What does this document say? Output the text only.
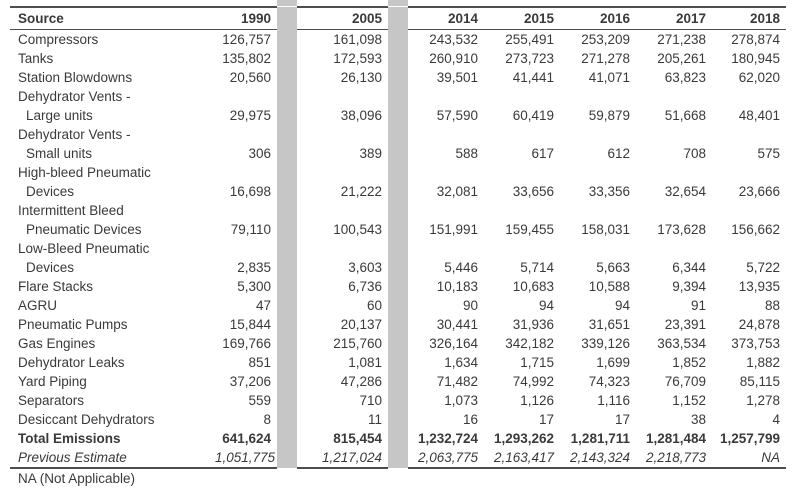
Source	1990		2005		2014	2015	2016	2017	2018
Compressors	126,757		161,098		243,532	255,491	253,209	271,238	278,874
Tanks	135,802		172,593		260,910	273,723	271,278	205,261	180,945
Station Blowdowns	20,560		26,130		39,501	41,441	41,071	63,823	62,020
Dehydrator Vents -									
Large units	29,975		38,096		57,590	60,419	59,879	51,668	48,401
Dehydrator Vents -									
Small units	306		389		588	617	612	708	575
High-bleed Pneumatic									
Devices	16,698		21,222		32,081	33,656	33,356	32,654	23,666
Intermittent Bleed									
Pneumatic Devices	79,110		100,543		151,991	159,455	158,031	173,628	156,662
Low-Bleed Pneumatic									
Devices	2,835		3,603		5,446	5,714	5,663	6,344	5,722
Flare Stacks	5,300		6,736		10,183	10,683	10,588	9,394	13,935
AGRU	47		60		90	94	94	91	88
Pneumatic Pumps	15,844		20,137		30,441	31,936	31,651	23,391	24,878
Gas Engines	169,766		215,760		326,164	342,182	339,126	363,534	373,753
Dehydrator Leaks	851		1,081		1,634	1,715	1,699	1,852	1,882
Yard Piping	37,206		47,286		71,482	74,992	74,323	76,709	85,115
Separators	559		710		1,073	1,126	1,116	1,152	1,278
Desiccant Dehydrators	8		11		16	17	17	38	4
Total Emissions	641,624		815,454		1,232,724	1,293,262	1,281,711	1,281,484	1,257,799
Previous Estimate	1,051,775		1,217,024		2,063,775	2,163,417	2,143,324	2,218,773	NA
NA (Not Applicable)
